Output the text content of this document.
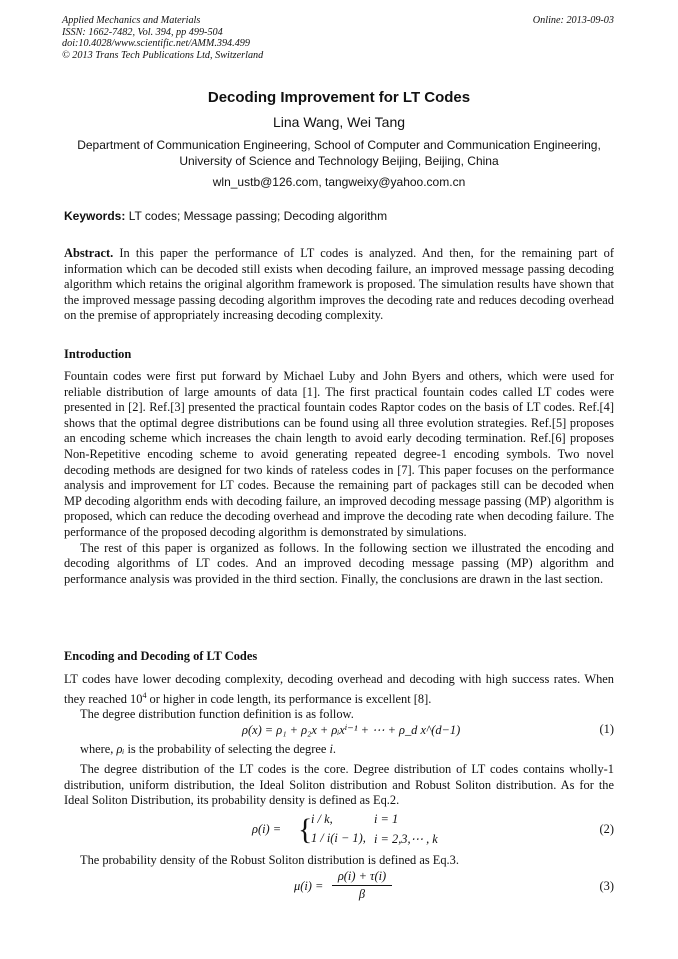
Applied Mechanics and Materials
ISSN: 1662-7482, Vol. 394, pp 499-504
doi:10.4028/www.scientific.net/AMM.394.499
© 2013 Trans Tech Publications Ltd, Switzerland
Online: 2013-09-03
Decoding Improvement for LT Codes
Lina Wang, Wei Tang
Department of Communication Engineering, School of Computer and Communication Engineering,
University of Science and Technology Beijing, Beijing, China
wln_ustb@126.com, tangweixy@yahoo.com.cn
Keywords: LT codes; Message passing; Decoding algorithm

Abstract. In this paper the performance of LT codes is analyzed. And then, for the remaining part of information which can be decoded still exists when decoding failure, an improved message passing decoding algorithm which retains the original algorithm framework is proposed. The simulation results have shown that the improved message passing decoding algorithm improves the decoding rate and reduces decoding overhead on the premise of appropriately increasing decoding complexity.

Introduction

Fountain codes were first put forward by Michael Luby and John Byers and others, which were used for reliable distribution of large amounts of data [1]. The first practical fountain codes called LT codes were presented in [2]. Ref.[3] presented the practical fountain codes Raptor codes on the basis of LT codes. Ref.[4] shows that the optimal degree distributions can be found using all three evolution strategies. Ref.[5] proposes an encoding scheme which increases the chain length to avoid early decoding termination. Ref.[6] proposes Non-Repetitive encoding scheme to avoid generating repeated degree-1 encoding symbols. Two novel decoding methods are designed for two kinds of rateless codes in [7]. This paper focuses on the performance analysis and improvement for LT codes. Because the remaining part of packages still can be decoded when MP decoding algorithm ends with decoding failure, an improved decoding message passing (MP) algorithm is proposed, which can reduce the decoding overhead and improve the decoding rate when decoding failure. The performance of the proposed decoding algorithm is demonstrated by simulations.

The rest of this paper is organized as follows. In the following section we illustrated the encoding and decoding algorithms of LT codes. And an improved decoding message passing (MP) algorithm and performance analysis was provided in the third section. Finally, the conclusions are drawn in the last section.

Encoding and Decoding of LT Codes

LT codes have lower decoding complexity, decoding overhead and decoding with high success rates. When they reached $10^4$ or higher in code length, its performance is excellent [8].

The degree distribution function definition is as follow.

ρ(x) = ρ₁ + ρ₂x + ρᵢxⁱ⁻¹ + ⋯ + ρ_d x^(d−1)	(1)

where, ρᵢ is the probability of selecting the degree i.

The degree distribution of the LT codes is the core. Degree distribution of LT codes contains wholly-1 distribution, uniform distribution, the Ideal Soliton distribution and Robust Soliton distribution. As for the Ideal Soliton Distribution, its probability density is defined as Eq.2.

ρ(i) = {
i / k,	i = 1
1 / i(i − 1), i = 2,3,⋯ , k
(2)

The probability density of the Robust Soliton distribution is defined as Eq.3.

μ(i) =
ρ(i) + τ(i)
β
(3)
